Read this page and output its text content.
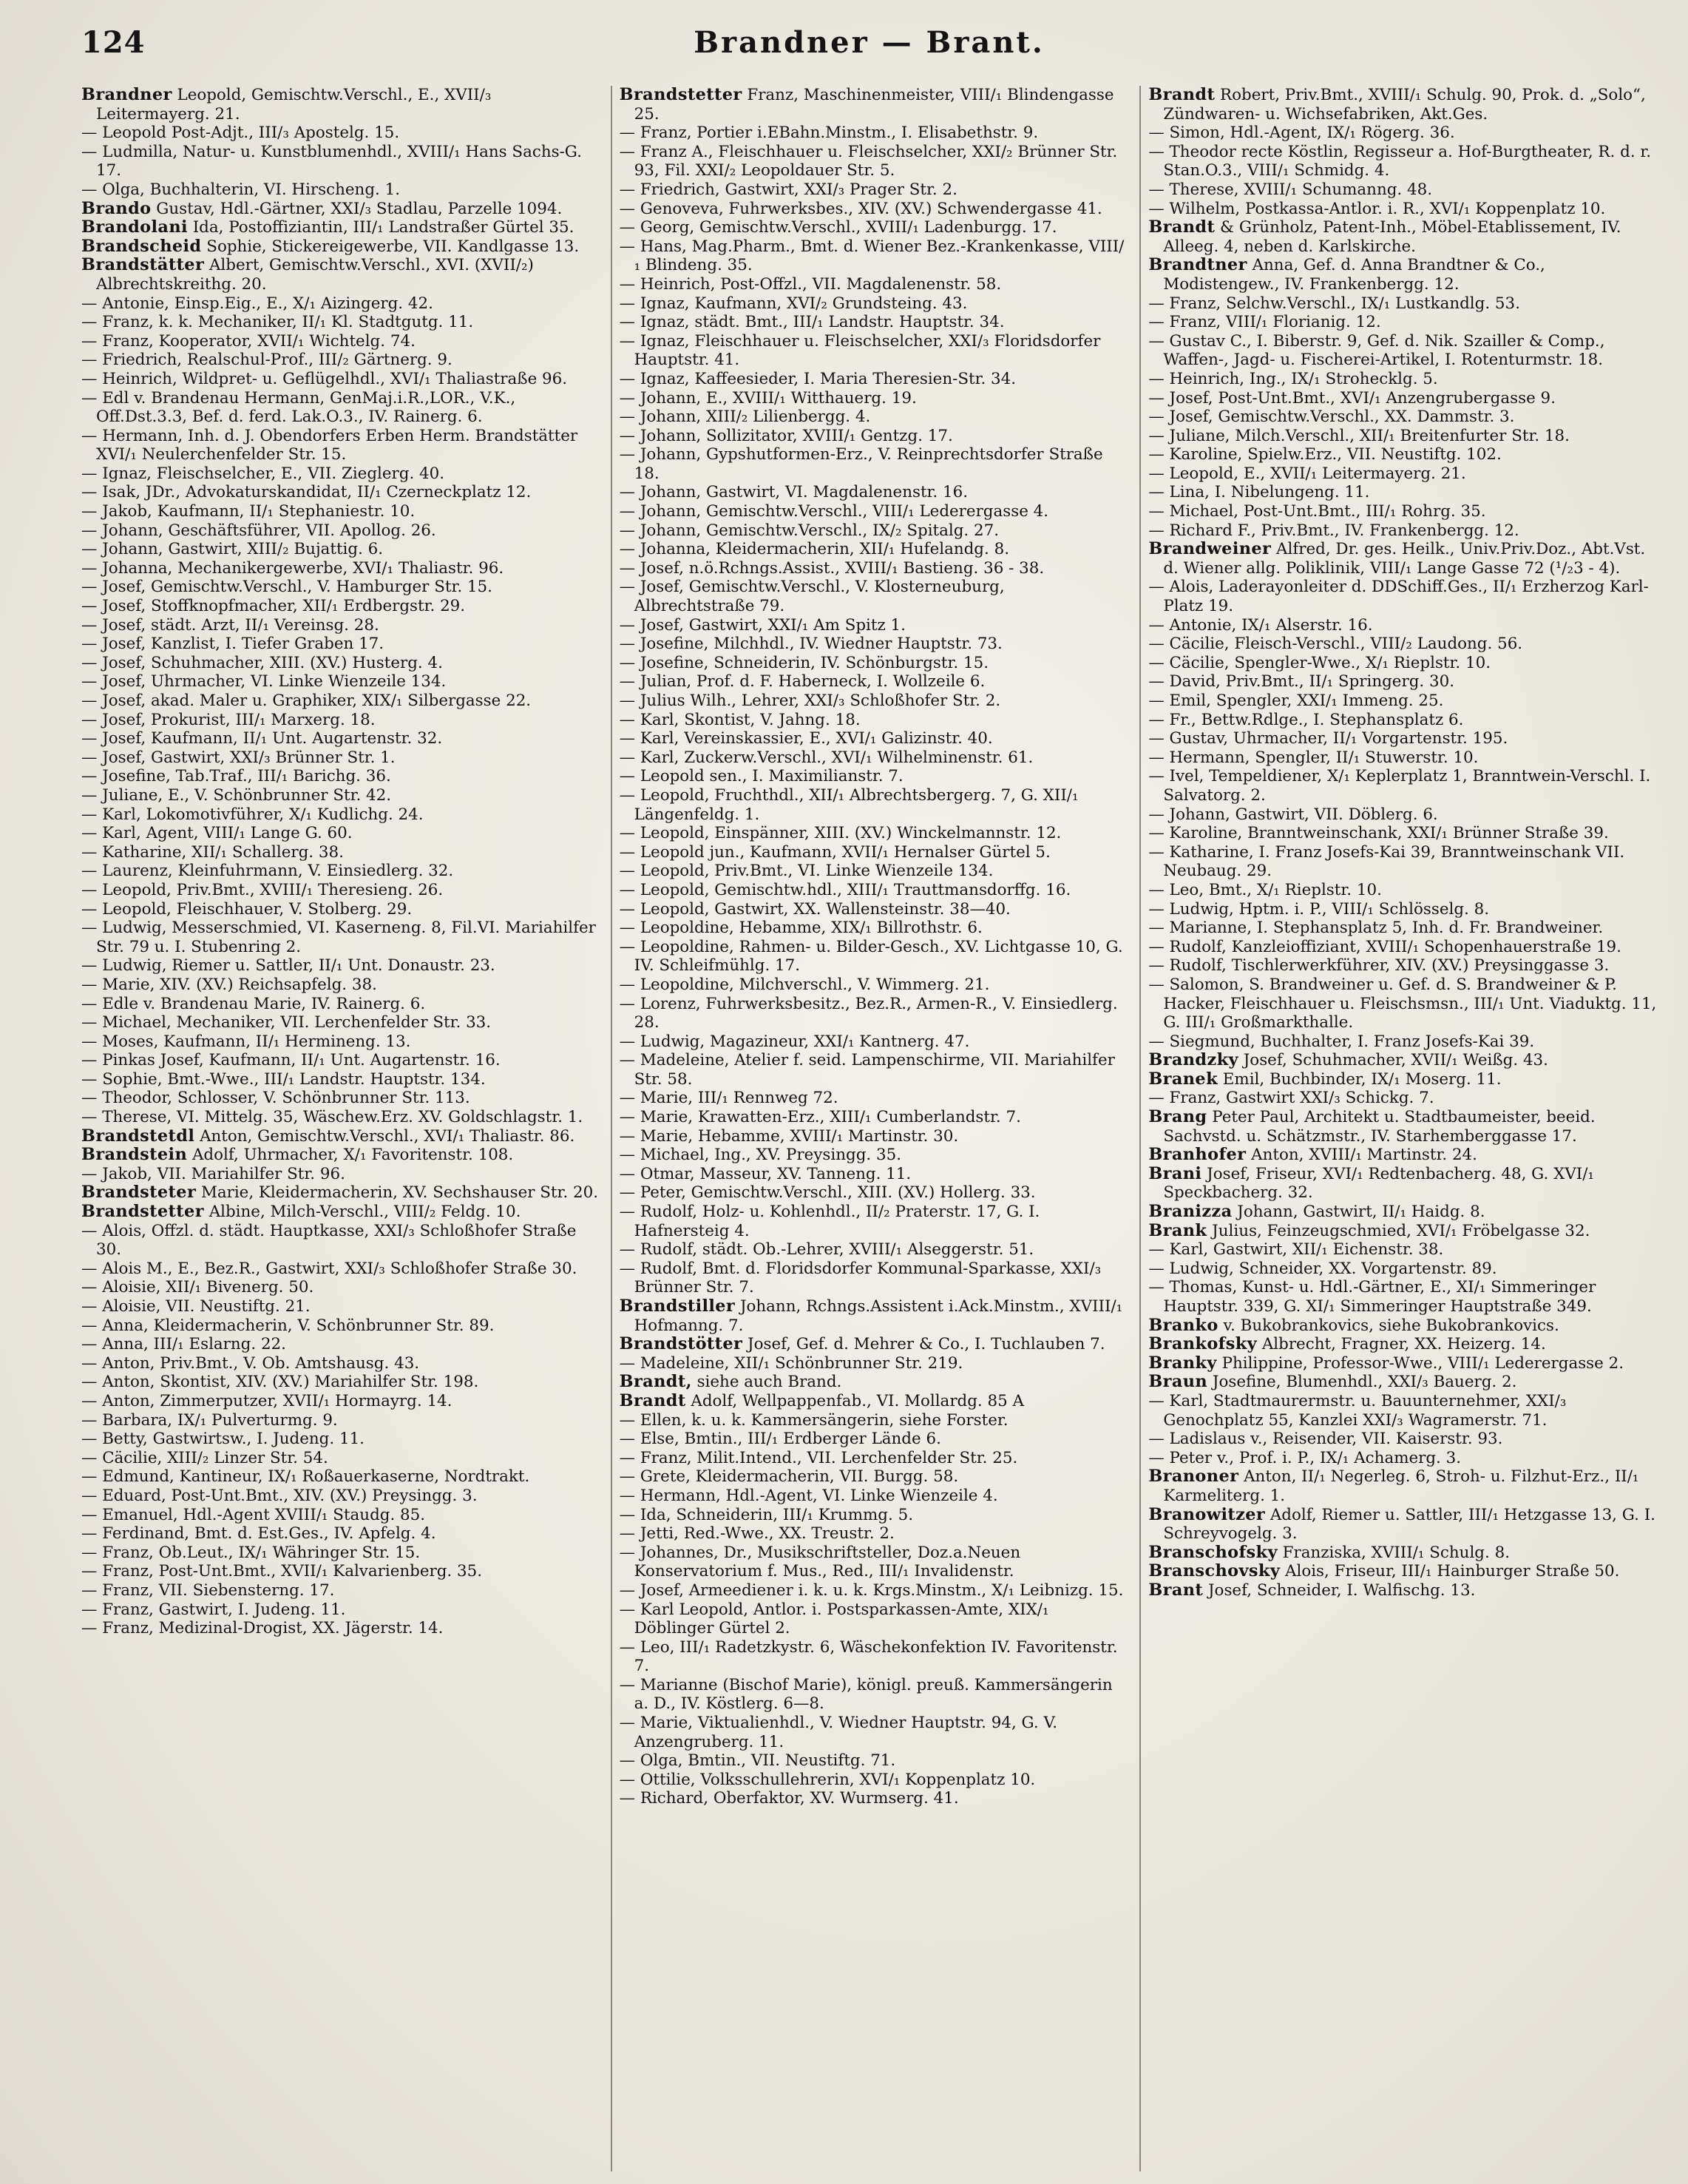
124	Brandner — Brant.
Brandner Leopold, Gemischtw.Verschl., E., XVII/₃ Leitermayerg. 21.
— Leopold Post-Adjt., III/₃ Apostelg. 15.
— Ludmilla, Natur- u. Kunstblumenhdl., XVIII/₁ Hans Sachs-G. 17.
— Olga, Buchhalterin, VI. Hirscheng. 1.
Brando Gustav, Hdl.-Gärtner, XXI/₃ Stadlau, Parzelle 1094.
Brandolani Ida, Postoffiziantin, III/₁ Landstraßer Gürtel 35.
Brandscheid Sophie, Stickereigewerbe, VII. Kandlgasse 13.
Brandstätter Albert, Gemischtw.Verschl., XVI. (XVII/₂) Albrechtskreithg. 20.
— Antonie, Einsp.Eig., E., X/₁ Aizingerg. 42.
— Franz, k. k. Mechaniker, II/₁ Kl. Stadtgutg. 11.
— Franz, Kooperator, XVII/₁ Wichtelg. 74.
— Friedrich, Realschul-Prof., III/₂ Gärtnerg. 9.
— Heinrich, Wildpret- u. Geflügelhdl., XVI/₁ Thaliastraße 96.
— Edl v. Brandenau Hermann, GenMaj.i.R.,LOR., V.K., Off.Dst.3.3, Bef. d. ferd. Lak.O.3., IV. Rainerg. 6.
— Hermann, Inh. d. J. Obendorfers Erben Herm. Brandstätter XVI/₁ Neulerchenfelder Str. 15.
— Ignaz, Fleischselcher, E., VII. Zieglerg. 40.
— Isak, JDr., Advokaturskandidat, II/₁ Czerneckplatz 12.
— Jakob, Kaufmann, II/₁ Stephaniestr. 10.
— Johann, Geschäftsführer, VII. Apollog. 26.
— Johann, Gastwirt, XIII/₂ Bujattig. 6.
— Johanna, Mechanikergewerbe, XVI/₁ Thaliastr. 96.
— Josef, Gemischtw.Verschl., V. Hamburger Str. 15.
— Josef, Stoffknopfmacher, XII/₁ Erdbergstr. 29.
— Josef, städt. Arzt, II/₁ Vereinsg. 28.
— Josef, Kanzlist, I. Tiefer Graben 17.
— Josef, Schuhmacher, XIII. (XV.) Husterg. 4.
— Josef, Uhrmacher, VI. Linke Wienzeile 134.
— Josef, akad. Maler u. Graphiker, XIX/₁ Silbergasse 22.
— Josef, Prokurist, III/₁ Marxerg. 18.
— Josef, Kaufmann, II/₁ Unt. Augartenstr. 32.
— Josef, Gastwirt, XXI/₃ Brünner Str. 1.
— Josefine, Tab.Traf., III/₁ Barichg. 36.
— Juliane, E., V. Schönbrunner Str. 42.
— Karl, Lokomotivführer, X/₁ Kudlichg. 24.
— Karl, Agent, VIII/₁ Lange G. 60.
— Katharine, XII/₁ Schallerg. 38.
— Laurenz, Kleinfuhrmann, V. Einsiedlerg. 32.
— Leopold, Priv.Bmt., XVIII/₁ Theresieng. 26.
— Leopold, Fleischhauer, V. Stolberg. 29.
— Ludwig, Messerschmied, VI. Kaserneng. 8, Fil.VI. Mariahilfer Str. 79 u. I. Stubenring 2.
— Ludwig, Riemer u. Sattler, II/₁ Unt. Donaustr. 23.
— Marie, XIV. (XV.) Reichsapfelg. 38.
— Edle v. Brandenau Marie, IV. Rainerg. 6.
— Michael, Mechaniker, VII. Lerchenfelder Str. 33.
— Moses, Kaufmann, II/₁ Hermineng. 13.
— Pinkas Josef, Kaufmann, II/₁ Unt. Augartenstr. 16.
— Sophie, Bmt.-Wwe., III/₁ Landstr. Hauptstr. 134.
— Theodor, Schlosser, V. Schönbrunner Str. 113.
— Therese, VI. Mittelg. 35, Wäschew.Erz. XV. Goldschlagstr. 1.
Brandstetdl Anton, Gemischtw.Verschl., XVI/₁ Thaliastr. 86.
Brandstein Adolf, Uhrmacher, X/₁ Favoritenstr. 108.
— Jakob, VII. Mariahilfer Str. 96.
Brandsteter Marie, Kleidermacherin, XV. Sechshauser Str. 20.
Brandstetter Albine, Milch-Verschl., VIII/₂ Feldg. 10.
— Alois, Offzl. d. städt. Hauptkasse, XXI/₃ Schloßhofer Straße 30.
— Alois M., E., Bez.R., Gastwirt, XXI/₃ Schloßhofer Straße 30.
— Aloisie, XII/₁ Bivenerg. 50.
— Aloisie, VII. Neustiftg. 21.
— Anna, Kleidermacherin, V. Schönbrunner Str. 89.
— Anna, III/₁ Eslarng. 22.
— Anton, Priv.Bmt., V. Ob. Amtshausg. 43.
— Anton, Skontist, XIV. (XV.) Mariahilfer Str. 198.
— Anton, Zimmerputzer, XVII/₁ Hormayrg. 14.
— Barbara, IX/₁ Pulverturmg. 9.
— Betty, Gastwirtsw., I. Judeng. 11.
— Cäcilie, XIII/₂ Linzer Str. 54.
— Edmund, Kantineur, IX/₁ Roßauerkaserne, Nordtrakt.
— Eduard, Post-Unt.Bmt., XIV. (XV.) Preysingg. 3.
— Emanuel, Hdl.-Agent XVIII/₁ Staudg. 85.
— Ferdinand, Bmt. d. Est.Ges., IV. Apfelg. 4.
— Franz, Ob.Leut., IX/₁ Währinger Str. 15.
— Franz, Post-Unt.Bmt., XVII/₁ Kalvarienberg. 35.
— Franz, VII. Siebensterng. 17.
— Franz, Gastwirt, I. Judeng. 11.
— Franz, Medizinal-Drogist, XX. Jägerstr. 14.
Brandstetter Franz, Maschinenmeister, VIII/₁ Blindengasse 25.
— Franz, Portier i.EBahn.Minstm., I. Elisabethstr. 9.
— Franz A., Fleischhauer u. Fleischselcher, XXI/₂ Brünner Str. 93, Fil. XXI/₂ Leopoldauer Str. 5.
— Friedrich, Gastwirt, XXI/₃ Prager Str. 2.
— Genoveva, Fuhrwerksbes., XIV. (XV.) Schwendergasse 41.
— Georg, Gemischtw.Verschl., XVIII/₁ Ladenburgg. 17.
— Hans, Mag.Pharm., Bmt. d. Wiener Bez.-Krankenkasse, VIII/₁ Blindeng. 35.
— Heinrich, Post-Offzl., VII. Magdalenenstr. 58.
— Ignaz, Kaufmann, XVI/₂ Grundsteing. 43.
— Ignaz, städt. Bmt., III/₁ Landstr. Hauptstr. 34.
— Ignaz, Fleischhauer u. Fleischselcher, XXI/₃ Floridsdorfer Hauptstr. 41.
— Ignaz, Kaffeesieder, I. Maria Theresien-Str. 34.
— Johann, E., XVIII/₁ Witthauerg. 19.
— Johann, XIII/₂ Lilienbergg. 4.
— Johann, Sollizitator, XVIII/₁ Gentzg. 17.
— Johann, Gypshutformen-Erz., V. Reinprechtsdorfer Straße 18.
— Johann, Gastwirt, VI. Magdalenenstr. 16.
— Johann, Gemischtw.Verschl., VIII/₁ Lederergasse 4.
— Johann, Gemischtw.Verschl., IX/₂ Spitalg. 27.
— Johanna, Kleidermacherin, XII/₁ Hufelandg. 8.
— Josef, n.ö.Rchngs.Assist., XVIII/₁ Bastieng. 36 - 38.
— Josef, Gemischtw.Verschl., V. Klosterneuburg, Albrechtstraße 79.
— Josef, Gastwirt, XXI/₁ Am Spitz 1.
— Josefine, Milchhdl., IV. Wiedner Hauptstr. 73.
— Josefine, Schneiderin, IV. Schönburgstr. 15.
— Julian, Prof. d. F. Haberneck, I. Wollzeile 6.
— Julius Wilh., Lehrer, XXI/₃ Schloßhofer Str. 2.
— Karl, Skontist, V. Jahng. 18.
— Karl, Vereinskassier, E., XVI/₁ Galizinstr. 40.
— Karl, Zuckerw.Verschl., XVI/₁ Wilhelminenstr. 61.
— Leopold sen., I. Maximilianstr. 7.
— Leopold, Fruchthdl., XII/₁ Albrechtsbergerg. 7, G. XII/₁ Längenfeldg. 1.
— Leopold, Einspänner, XIII. (XV.) Winckelmannstr. 12.
— Leopold jun., Kaufmann, XVII/₁ Hernalser Gürtel 5.
— Leopold, Priv.Bmt., VI. Linke Wienzeile 134.
— Leopold, Gemischtw.hdl., XIII/₁ Trauttmansdorffg. 16.
— Leopold, Gastwirt, XX. Wallensteinstr. 38—40.
— Leopoldine, Hebamme, XIX/₁ Billrothstr. 6.
— Leopoldine, Rahmen- u. Bilder-Gesch., XV. Lichtgasse 10, G. IV. Schleifmühlg. 17.
— Leopoldine, Milchverschl., V. Wimmerg. 21.
— Lorenz, Fuhrwerksbesitz., Bez.R., Armen-R., V. Einsiedlerg. 28.
— Ludwig, Magazineur, XXI/₁ Kantnerg. 47.
— Madeleine, Atelier f. seid. Lampenschirme, VII. Mariahilfer Str. 58.
— Marie, III/₁ Rennweg 72.
— Marie, Krawatten-Erz., XIII/₁ Cumberlandstr. 7.
— Marie, Hebamme, XVIII/₁ Martinstr. 30.
— Michael, Ing., XV. Preysingg. 35.
— Otmar, Masseur, XV. Tanneng. 11.
— Peter, Gemischtw.Verschl., XIII. (XV.) Hollerg. 33.
— Rudolf, Holz- u. Kohlenhdl., II/₂ Praterstr. 17, G. I. Hafnersteig 4.
— Rudolf, städt. Ob.-Lehrer, XVIII/₁ Alseggerstr. 51.
— Rudolf, Bmt. d. Floridsdorfer Kommunal-Sparkasse, XXI/₃ Brünner Str. 7.
Brandstiller Johann, Rchngs.Assistent i.Ack.Minstm., XVIII/₁ Hofmanng. 7.
Brandstötter Josef, Gef. d. Mehrer & Co., I. Tuchlauben 7.
— Madeleine, XII/₁ Schönbrunner Str. 219.
Brandt, siehe auch Brand.
Brandt Adolf, Wellpappenfab., VI. Mollardg. 85 A
— Ellen, k. u. k. Kammersängerin, siehe Forster.
— Else, Bmtin., III/₁ Erdberger Lände 6.
— Franz, Milit.Intend., VII. Lerchenfelder Str. 25.
— Grete, Kleidermacherin, VII. Burgg. 58.
— Hermann, Hdl.-Agent, VI. Linke Wienzeile 4.
— Ida, Schneiderin, III/₁ Krummg. 5.
— Jetti, Red.-Wwe., XX. Treustr. 2.
— Johannes, Dr., Musikschriftsteller, Doz.a.Neuen Konservatorium f. Mus., Red., III/₁ Invalidenstr.
— Josef, Armeediener i. k. u. k. Krgs.Minstm., X/₁ Leibnizg. 15.
— Karl Leopold, Antlor. i. Postsparkassen-Amte, XIX/₁ Döblinger Gürtel 2.
— Leo, III/₁ Radetzkystr. 6, Wäschekonfektion IV. Favoritenstr. 7.
— Marianne (Bischof Marie), königl. preuß. Kammersängerin a. D., IV. Köstlerg. 6—8.
— Marie, Viktualienhdl., V. Wiedner Hauptstr. 94, G. V. Anzengruberg. 11.
— Olga, Bmtin., VII. Neustiftg. 71.
— Ottilie, Volksschullehrerin, XVI/₁ Koppenplatz 10.
— Richard, Oberfaktor, XV. Wurmserg. 41.
Brandt Robert, Priv.Bmt., XVIII/₁ Schulg. 90, Prok. d. „Solo“, Zündwaren- u. Wichsefabriken, Akt.Ges.
— Simon, Hdl.-Agent, IX/₁ Rögerg. 36.
— Theodor recte Köstlin, Regisseur a. Hof-Burgtheater, R. d. r. Stan.O.3., VIII/₁ Schmidg. 4.
— Therese, XVIII/₁ Schumanng. 48.
— Wilhelm, Postkassa-Antlor. i. R., XVI/₁ Koppenplatz 10.
Brandt & Grünholz, Patent-Inh., Möbel-Etablissement, IV. Alleeg. 4, neben d. Karlskirche.
Brandtner Anna, Gef. d. Anna Brandtner & Co., Modistengew., IV. Frankenbergg. 12.
— Franz, Selchw.Verschl., IX/₁ Lustkandlg. 53.
— Franz, VIII/₁ Florianig. 12.
— Gustav C., I. Biberstr. 9, Gef. d. Nik. Szailler & Comp., Waffen-, Jagd- u. Fischerei-Artikel, I. Rotenturmstr. 18.
— Heinrich, Ing., IX/₁ Strohecklg. 5.
— Josef, Post-Unt.Bmt., XVI/₁ Anzengrubergasse 9.
— Josef, Gemischtw.Verschl., XX. Dammstr. 3.
— Juliane, Milch.Verschl., XII/₁ Breitenfurter Str. 18.
— Karoline, Spielw.Erz., VII. Neustiftg. 102.
— Leopold, E., XVII/₁ Leitermayerg. 21.
— Lina, I. Nibelungeng. 11.
— Michael, Post-Unt.Bmt., III/₁ Rohrg. 35.
— Richard F., Priv.Bmt., IV. Frankenbergg. 12.
Brandweiner Alfred, Dr. ges. Heilk., Univ.Priv.Doz., Abt.Vst. d. Wiener allg. Poliklinik, VIII/₁ Lange Gasse 72 (¹/₂3 - 4).
— Alois, Laderayonleiter d. DDSchiff.Ges., II/₁ Erzherzog Karl-Platz 19.
— Antonie, IX/₁ Alserstr. 16.
— Cäcilie, Fleisch-Verschl., VIII/₂ Laudong. 56.
— Cäcilie, Spengler-Wwe., X/₁ Rieplstr. 10.
— David, Priv.Bmt., II/₁ Springerg. 30.
— Emil, Spengler, XXI/₁ Immeng. 25.
— Fr., Bettw.Rdlge., I. Stephansplatz 6.
— Gustav, Uhrmacher, II/₁ Vorgartenstr. 195.
— Hermann, Spengler, II/₁ Stuwerstr. 10.
— Ivel, Tempeldiener, X/₁ Keplerplatz 1, Branntwein-Verschl. I. Salvatorg. 2.
— Johann, Gastwirt, VII. Döblerg. 6.
— Karoline, Branntweinschank, XXI/₁ Brünner Straße 39.
— Katharine, I. Franz Josefs-Kai 39, Branntweinschank VII. Neubaug. 29.
— Leo, Bmt., X/₁ Rieplstr. 10.
— Ludwig, Hptm. i. P., VIII/₁ Schlösselg. 8.
— Marianne, I. Stephansplatz 5, Inh. d. Fr. Brandweiner.
— Rudolf, Kanzleioffiziant, XVIII/₁ Schopenhauerstraße 19.
— Rudolf, Tischlerwerkführer, XIV. (XV.) Preysinggasse 3.
— Salomon, S. Brandweiner u. Gef. d. S. Brandweiner & P. Hacker, Fleischhauer u. Fleischsmsn., III/₁ Unt. Viaduktg. 11, G. III/₁ Großmarkthalle.
— Siegmund, Buchhalter, I. Franz Josefs-Kai 39.
Brandzky Josef, Schuhmacher, XVII/₁ Weißg. 43.
Branek Emil, Buchbinder, IX/₁ Moserg. 11.
— Franz, Gastwirt XXI/₃ Schickg. 7.
Brang Peter Paul, Architekt u. Stadtbaumeister, beeid. Sachvstd. u. Schätzmstr., IV. Starhemberggasse 17.
Branhofer Anton, XVIII/₁ Martinstr. 24.
Brani Josef, Friseur, XVI/₁ Redtenbacherg. 48, G. XVI/₁ Speckbacherg. 32.
Branizza Johann, Gastwirt, II/₁ Haidg. 8.
Brank Julius, Feinzeugschmied, XVI/₁ Fröbelgasse 32.
— Karl, Gastwirt, XII/₁ Eichenstr. 38.
— Ludwig, Schneider, XX. Vorgartenstr. 89.
— Thomas, Kunst- u. Hdl.-Gärtner, E., XI/₁ Simmeringer Hauptstr. 339, G. XI/₁ Simmeringer Hauptstraße 349.
Branko v. Bukobrankovics, siehe Bukobrankovics.
Brankofsky Albrecht, Fragner, XX. Heizerg. 14.
Branky Philippine, Professor-Wwe., VIII/₁ Lederergasse 2.
Braun Josefine, Blumenhdl., XXI/₃ Bauerg. 2.
— Karl, Stadtmaurermstr. u. Bauunternehmer, XXI/₃ Genochplatz 55, Kanzlei XXI/₃ Wagramerstr. 71.
— Ladislaus v., Reisender, VII. Kaiserstr. 93.
— Peter v., Prof. i. P., IX/₁ Achamerg. 3.
Branoner Anton, II/₁ Negerleg. 6, Stroh- u. Filzhut-Erz., II/₁ Karmeliterg. 1.
Branowitzer Adolf, Riemer u. Sattler, III/₁ Hetzgasse 13, G. I. Schreyvogelg. 3.
Branschofsky Franziska, XVIII/₁ Schulg. 8.
Branschovsky Alois, Friseur, III/₁ Hainburger Straße 50.
Brant Josef, Schneider, I. Walfischg. 13.
